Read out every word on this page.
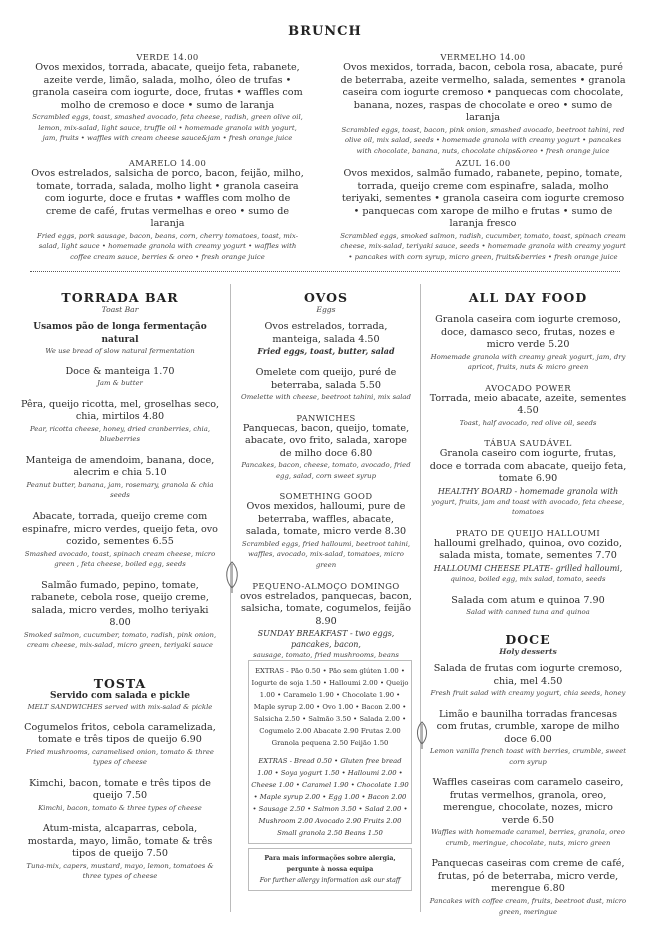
BRUNCH
VERDE 14.00
Ovos mexidos, torrada, abacate, queijo feta, rabanete, azeite verde, limão, salada, molho, óleo de trufas • granola caseira com iogurte, doce, frutas • waffles com molho de cremoso e doce • sumo de laranja
Scrambled eggs, toast, smashed avocado, feta cheese, radish, green olive oil, lemon, mix-salad, light sauce, truffle oil • homemade granola with yogurt, jam, fruits • waffles with cream cheese sauce&jam • fresh orange juice
AMARELO 14.00
Ovos estrelados, salsicha de porco, bacon, feijão, milho, tomate, torrada, salada, molho light • granola caseira com iogurte, doce e frutas • waffles com molho de creme de café, frutas vermelhas e oreo • sumo de laranja
Fried eggs, pork sausage, bacon, beans, corn, cherry tomatoes, toast, mix-salad, light sauce • homemade granola with creamy yogurt • waffles with coffee cream sauce, berries & oreo • fresh orange juice
VERMELHO 14.00
Ovos mexidos, torrada, bacon, cebola rosa, abacate, puré de beterraba, azeite vermelho, salada, sementes • granola caseira com iogurte cremoso • panquecas com chocolate, banana, nozes, raspas de chocolate e oreo • sumo de laranja
Scrambled eggs, toast, bacon, pink onion, smashed avocado, beetroot tahini, red olive oil, mix salad, seeds • homemade granola with creamy yogurt • pancakes with chocolate, banana, nuts, chocolate chips&oreo • fresh orange juice
AZUL 16.00
Ovos mexidos, salmão fumado, rabanete, pepino, tomate, torrada, queijo creme com espinafre, salada, molho teriyaki, sementes • granola caseira com iogurte cremoso • panquecas com xarope de milho e frutas • sumo de laranja fresco
Scrambled eggs, smoked salmon, radish, cucumber, tomato, toast, spinach cream cheese, mix-salad, teriyaki sauce, seeds • homemade granola with creamy yogurt • pancakes with corn syrup, micro green, fruits&berries • fresh orange juice
TORRADA BAR
Toast Bar
Usamos pão de longa fermentação natural
We use bread of slow natural fermentation
Doce & manteiga 1.70
Jam & butter
Pêra, queijo ricotta, mel, groselhas seco, chia, mirtilos 4.80
Pear, ricotta cheese, honey, dried cranberries, chia, blueberries
Manteiga de amendoim, banana, doce, alecrim e chia 5.10
Peanut butter, banana, jam, rosemary, granola & chia seeds
Abacate, torrada, queijo creme com espinafre, micro verdes, queijo feta, ovo cozido, sementes 6.55
Smashed avocado, toast, spinach cream cheese, micro green , feta cheese, boiled egg, seeds
Salmão fumado, pepino, tomate, rabanete, cebola rose, queijo creme, salada, micro verdes, molho teriyaki 8.00
Smoked salmon, cucumber, tomato, radish, pink onion, cream cheese, mix-salad, micro green, teriyaki sauce
TOSTA
Servido com salada e pickle
MELT SANDWICHES served with mix-salad & pickle
Cogumelos fritos, cebola caramelizada, tomate e três tipos de queijo 6.90
Fried mushrooms, caramelised onion, tomato & three types of cheese
Kimchi, bacon, tomate e três tipos de queijo 7.50
Kimchi, bacon, tomato & three types of cheese
Atum-mista, alcaparras, cebola, mostarda, mayo, limão, tomate & três tipos de queijo 7.50
Tuna-mix, capers, mustard, mayo, lemon, tomatoes & three types of cheese
OVOS
Eggs
Ovos estrelados, torrada, manteiga, salada 4.50
Fried eggs, toast, butter, salad
Omelete com queijo, puré de beterraba, salada 5.50
Omelette with cheese, beetroot tahini, mix salad
PANWICHES
Panquecas, bacon, queijo, tomate, abacate, ovo frito, salada, xarope de milho doce 6.80
Pancakes, bacon, cheese, tomato, avocado, fried egg, salad, corn sweet syrup
SOMETHING GOOD
Ovos mexidos, halloumi, pure de beterraba, waffles, abacate, salada, tomate, micro verde 8.30
Scrambled eggs, fried halloumi, beetroot tahini, waffles, avocado, mix-salad, tomatoes, micro green
PEQUENO-ALMOÇO DOMINGO
ovos estrelados, panquecas, bacon, salsicha, tomate, cogumelos, feijão 8.90
SUNDAY BREAKFAST - two eggs, pancakes, bacon,
sausage, tomato, fried mushrooms, beans
EXTRAS - Pão 0.50 • Pão sem glúten 1.00 • Iogurte de soja 1.50 • Halloumi 2.00 • Queijo 1.00 • Caramelo 1.90 • Chocolate 1.90 • Maple syrup 2.00 • Ovo 1.00 • Bacon 2.00 • Salsicha 2.50 • Salmão 3.50 • Salada 2.00 • Cogumelo 2.00 Abacate 2.90 Frutas 2.00 Granola pequena 2.50 Feijão 1.50
EXTRAS - Bread 0.50 • Gluten free bread 1.00 • Soya yogurt 1.50 • Halloumi 2.00 • Cheese 1.00 • Caramel 1.90 • Chocolate 1.90 • Maple syrup 2.00 • Egg 1.00 • Bacon 2.00 • Sausage 2.50 • Salmon 3.50 • Salad 2.00 • Mushroom 2.00 Avocado 2.90 Fruits 2.00 Small granola 2.50 Beans 1.50
Para mais informações sobre alergia, pergunte à nossa equipa
For further allergy information ask our staff
ALL DAY FOOD
Granola caseira com iogurte cremoso, doce, damasco seco, frutas, nozes e micro verde 5.20
Homemade granola with creamy greak yogurt, jam, dry apricot, fruits, nuts & micro green
AVOCADO POWER
Torrada, meio abacate, azeite, sementes 4.50
Toast, half avocado, red olive oil, seeds
TÁBUA SAUDÁVEL
Granola caseiro com iogurte, frutas, doce e torrada com abacate, queijo feta, tomate 6.90
HEALTHY BOARD - homemade granola with
yogurt, fruits, jam and toast with avocado, feta cheese, tomatoes
PRATO DE QUEIJO HALLOUMI
halloumi grelhado, quinoa, ovo cozido, salada mista, tomate, sementes 7.70
HALLOUMI CHEESE PLATE- grilled halloumi,
quinoa, boiled egg, mix salad, tomato, seeds
Salada com atum e quinoa 7.90
Salad with canned tuna and quinoa
DOCE
Holy desserts
Salada de frutas com iogurte cremoso, chia, mel 4.50
Fresh fruit salad with creamy yogurt, chia seeds, honey
Limão e baunilha torradas francesas com frutas, crumble, xarope de milho doce 6.00
Lemon vanilla french toast with berries, crumble, sweet corn syrup
Waffles caseiras com caramelo caseiro, frutas vermelhos, granola, oreo, merengue, chocolate, nozes, micro verde 6.50
Waffles with homemade caramel, berries, granola, oreo crumb, meringue, chocolate, nuts, micro green
Panquecas caseiras com creme de café, frutas, pó de beterraba, micro verde, merengue 6.80
Pancakes with coffee cream, fruits, beetroot dust, micro green, meringue
